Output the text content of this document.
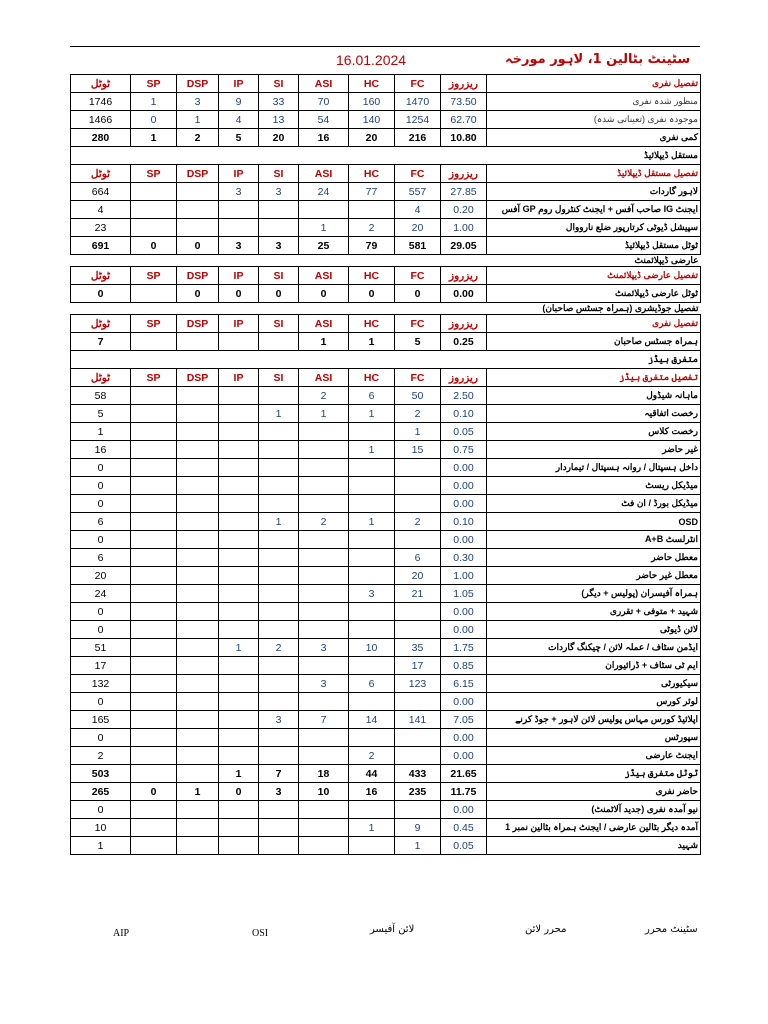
16.01.2024	سٹینٹ بٹالین 1، لاہور مورخہ
ٹوٹل	SP	DSP	IP	SI	ASI	HC	FC	ریزروز	تفصیل نفری
1746	1	3	9	33	70	160	1470	73.50	منظور شدہ نفری
1466	0	1	4	13	54	140	1254	62.70	موجودہ نفری (تعیناتی شدہ)
280	1	2	5	20	16	20	216	10.80	کمی نفری
									مستقل ڈیپلائیڈ
ٹوٹل	SP	DSP	IP	SI	ASI	HC	FC	ریزروز	تفصیل مستقل ڈیپلائیڈ
664			3	3	24	77	557	27.85	لاہور گاردات
4							4	0.20	ایجنٹ IG صاحب آفس + ایجنٹ کنٹرول روم GP آفس
23					1	2	20	1.00	سپیشل ڈیوٹی کرتارپور ضلع نارووال
691	0	0	3	3	25	79	581	29.05	ٹوٹل مستقل ڈیپلائیڈ
									عارضی ڈیپلائمنٹ
ٹوٹل	SP	DSP	IP	SI	ASI	HC	FC	ریزروز	تفصیل عارضی ڈیپلائمنٹ
0		0	0	0	0	0	0	0.00	ٹوٹل عارضی ڈیپلائمنٹ
									تفصیل جوڈیشری (ہمراہ جسٹس صاحبان)
ٹوٹل	SP	DSP	IP	SI	ASI	HC	FC	ریزروز	تفصیل نفری
7					1	1	5	0.25	ہمراہ جسٹس صاحبان
									متفرق ہیڈز
ٹوٹل	SP	DSP	IP	SI	ASI	HC	FC	ریزروز	تفصیل متفرق ہیڈز
58					2	6	50	2.50	ماہانہ شیڈول
5				1	1	1	2	0.10	رخصت اتفاقیہ
1							1	0.05	رخصت کلاس
16						1	15	0.75	غیر حاضر
0								0.00	داخل ہسپتال / روانہ ہسپتال / تیماردار
0								0.00	میڈیکل ریسٹ
0								0.00	میڈیکل بورڈ / ان فٹ
6				1	2	1	2	0.10	OSD
0								0.00	انٹرلسٹ A+B
6							6	0.30	معطل حاضر
20							20	1.00	معطل غیر حاضر
24						3	21	1.05	ہمراہ آفیسران (پولیس + دیگر)
0								0.00	شہید + متوفی + تقرری
0								0.00	لائن ڈیوٹی
51			1	2	3	10	35	1.75	ایڈمن سٹاف / عملہ لائن / چیکنگ گاردات
17							17	0.85	ایم ٹی سٹاف + ڈرائیوران
132					3	6	123	6.15	سیکیورٹی
0								0.00	لوئر کورس
165				3	7	14	141	7.05	اپلائیڈ کورس مہاس پولیس لائن لاہور + جوڈ کرنے
0								0.00	سپورٹس
2						2		0.00	ایجنٹ عارضی
503			1	7	18	44	433	21.65	ٹوٹل متفرق ہیڈز
265	0	1	0	3	10	16	235	11.75	حاضر نفری
0								0.00	نیو آمدہ نفری (جدید آلاٹمنٹ)
10						1	9	0.45	آمدہ دیگر بٹالین عارضی / ایجنٹ ہمراہ بٹالین نمبر 1
1							1	0.05	شہید
AIP	OSI	لائن آفیسر	محرر لائن	سٹینٹ محرر
